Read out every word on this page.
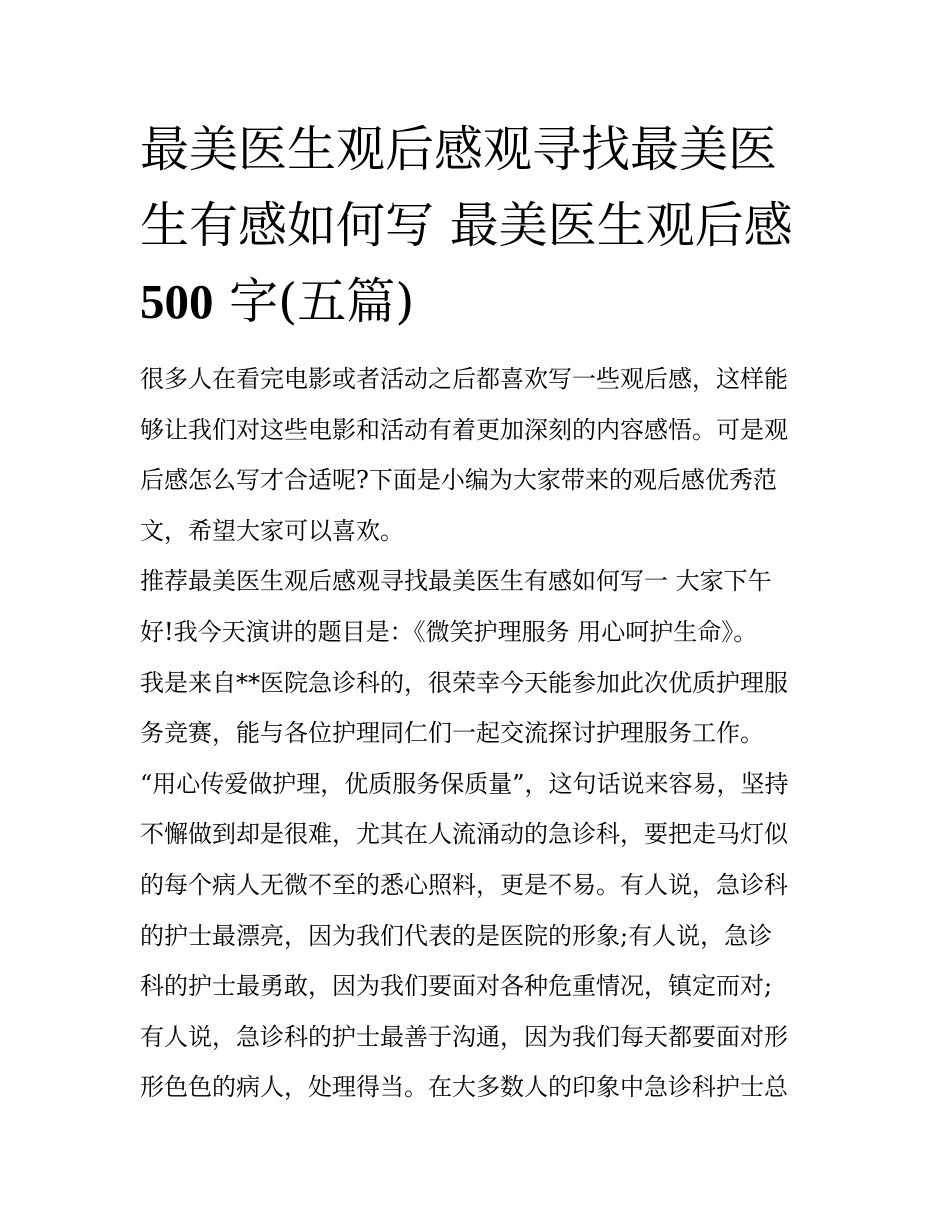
最美医生观后感观寻找最美医
生有感如何写 最美医生观后感
500 字(五篇)
很多人在看完电影或者活动之后都喜欢写一些观后感，这样能
够让我们对这些电影和活动有着更加深刻的内容感悟。可是观
后感怎么写才合适呢?下面是小编为大家带来的观后感优秀范
文，希望大家可以喜欢。
推荐最美医生观后感观寻找最美医生有感如何写一 大家下午
好!我今天演讲的题目是：《微笑护理服务 用心呵护生命》。
我是来自**医院急诊科的，很荣幸今天能参加此次优质护理服
务竞赛，能与各位护理同仁们一起交流探讨护理服务工作。
“用心传爱做护理，优质服务保质量”，这句话说来容易，坚持
不懈做到却是很难，尤其在人流涌动的急诊科，要把走马灯似
的每个病人无微不至的悉心照料，更是不易。有人说，急诊科
的护士最漂亮，因为我们代表的是医院的形象;有人说，急诊
科的护士最勇敢，因为我们要面对各种危重情况，镇定而对;
有人说，急诊科的护士最善于沟通，因为我们每天都要面对形
形色色的病人，处理得当。在大多数人的印象中急诊科护士总
